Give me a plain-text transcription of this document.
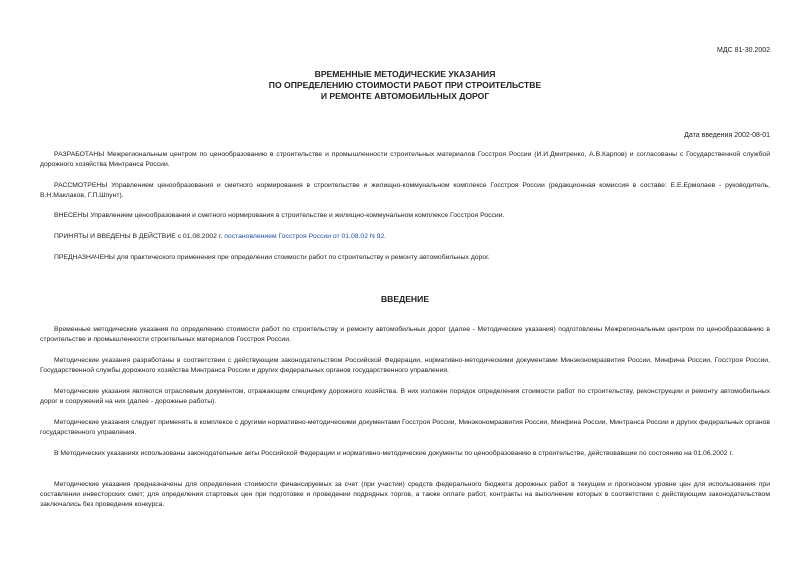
МДС 81-30.2002
ВРЕМЕННЫЕ МЕТОДИЧЕСКИЕ УКАЗАНИЯ
ПО ОПРЕДЕЛЕНИЮ СТОИМОСТИ РАБОТ ПРИ СТРОИТЕЛЬСТВЕ
И РЕМОНТЕ АВТОМОБИЛЬНЫХ ДОРОГ
Дата введения 2002-08-01

РАЗРАБОТАНЫ Межрегиональным центром по ценообразованию в строительстве и промышленности строительных материалов Госстроя России (И.И.Дмитренко, А.В.Карпов) и согласованы с Государственной службой дорожного хозяйства Минтранса России.

РАССМОТРЕНЫ Управлением ценообразования и сметного нормирования в строительстве и жилищно-коммунальном комплексе Госстроя России (редакционная комиссия в составе: Е.Е.Ермолаев - руководитель, В.Н.Маклаков, Г.П.Шпунт).

ВНЕСЕНЫ Управлением ценообразования и сметного нормирования в строительстве и жилищно-коммунальном комплексе Госстроя России.

ПРИНЯТЫ И ВВЕДЕНЫ В ДЕЙСТВИЕ с 01.08.2002 г. постановлением Госстроя России от 01.08.02 N 92.

ПРЕДНАЗНАЧЕНЫ для практического применения при определении стоимости работ по строительству и ремонту автомобильных дорог.

ВВЕДЕНИЕ

Временные методические указания по определению стоимости работ по строительству и ремонту автомобильных дорог (далее - Методические указания) подготовлены Межрегиональным центром по ценообразованию в строительстве и промышленности строительных материалов Госстроя России.

Методические указания разработаны в соответствии с действующим законодательством Российской Федерации, нормативно-методическими документами Минэкономразвития России, Минфина России, Госстроя России, Государственной службы дорожного хозяйства Минтранса России и других федеральных органов государственного управления.

Методические указания являются отраслевым документом, отражающим специфику дорожного хозяйства. В них изложен порядок определения стоимости работ по строительству, реконструкции и ремонту автомобильных дорог и сооружений на них (далее - дорожные работы).

Методические указания следует применять в комплексе с другими нормативно-методическими документами Госстроя России, Минэкономразвития России, Минфина России, Минтранса России и других федеральных органов государственного управления.

В Методических указаниях использованы законодательные акты Российской Федерации и нормативно-методические документы по ценообразованию в строительстве, действовавшие по состоянию на 01.06.2002 г.

Методические указания предназначены для определения стоимости финансируемых за счет (при участии) средств федерального бюджета дорожных работ в текущем и прогнозном уровне цен для использования при составлении инвесторских смет; для определения стартовых цен при подготовке и проведении подрядных торгов, а также оплате работ, контракты на выполнение которых в соответствии с действующим законодательством заключались без проведения конкурса.
